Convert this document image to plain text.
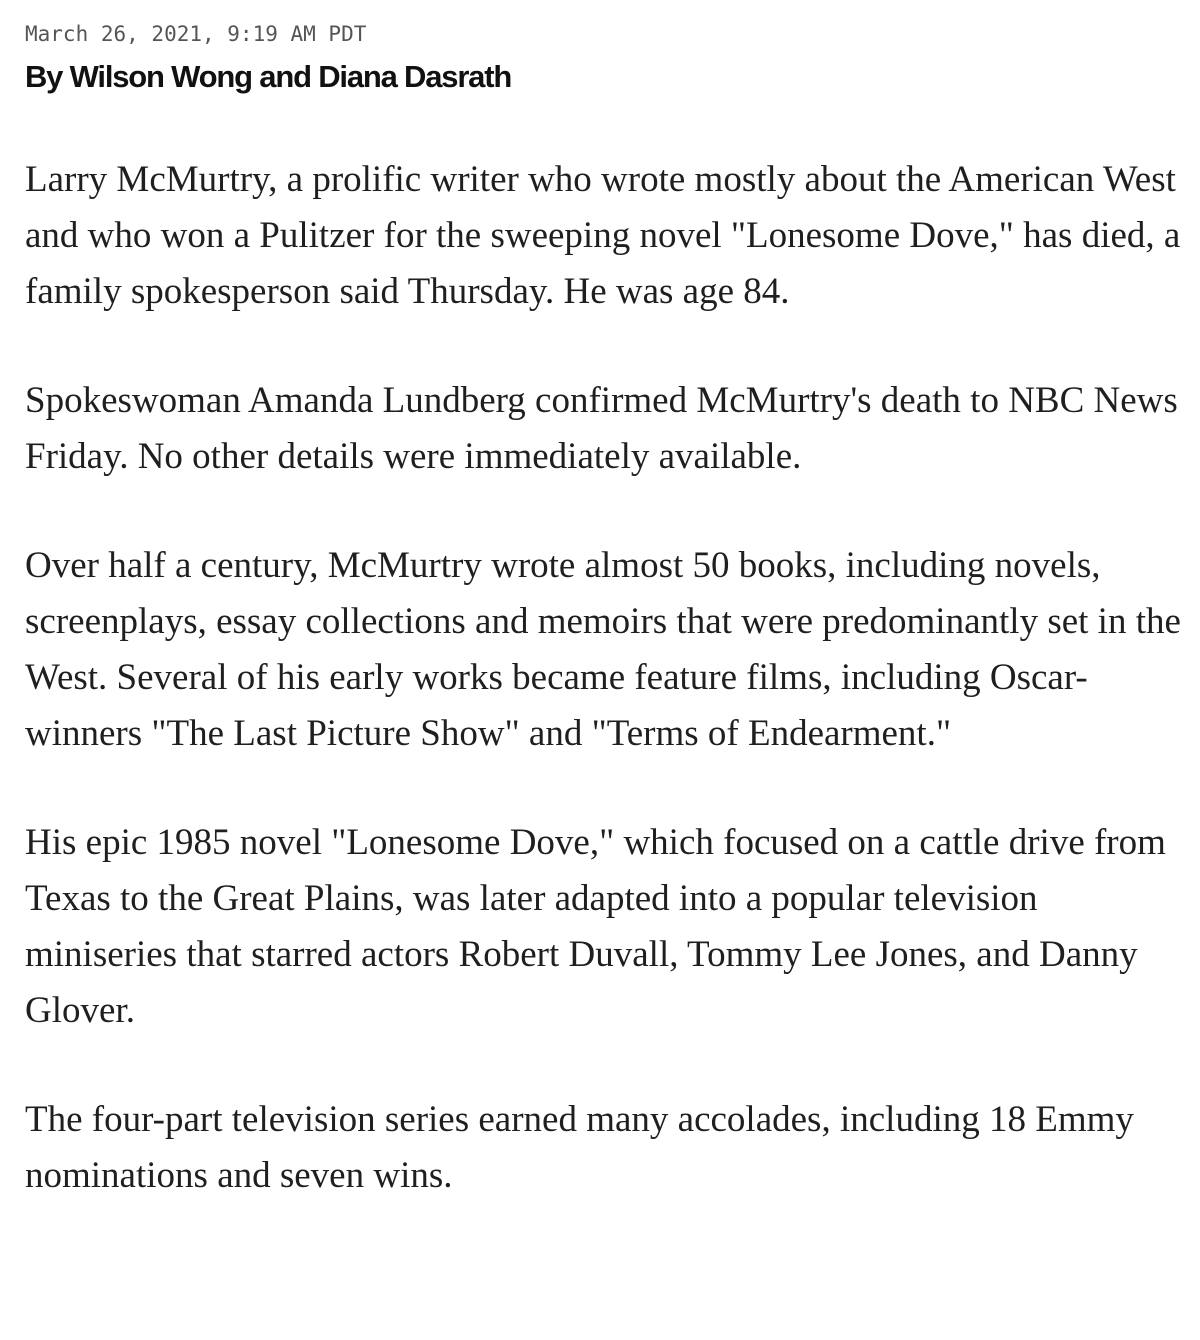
March 26, 2021, 9:19 AM PDT
By Wilson Wong and Diana Dasrath

Larry McMurtry, a prolific writer who wrote mostly about the American West and who won a Pulitzer for the sweeping novel "Lonesome Dove," has died, a family spokesperson said Thursday. He was age 84.

Spokeswoman Amanda Lundberg confirmed McMurtry's death to NBC News Friday. No other details were immediately available.

Over half a century, McMurtry wrote almost 50 books, including novels, screenplays, essay collections and memoirs that were predominantly set in the West. Several of his early works became feature films, including Oscar-winners "The Last Picture Show" and "Terms of Endearment."

His epic 1985 novel "Lonesome Dove," which focused on a cattle drive from Texas to the Great Plains, was later adapted into a popular television miniseries that starred actors Robert Duvall, Tommy Lee Jones, and Danny Glover.

The four-part television series earned many accolades, including 18 Emmy nominations and seven wins.
